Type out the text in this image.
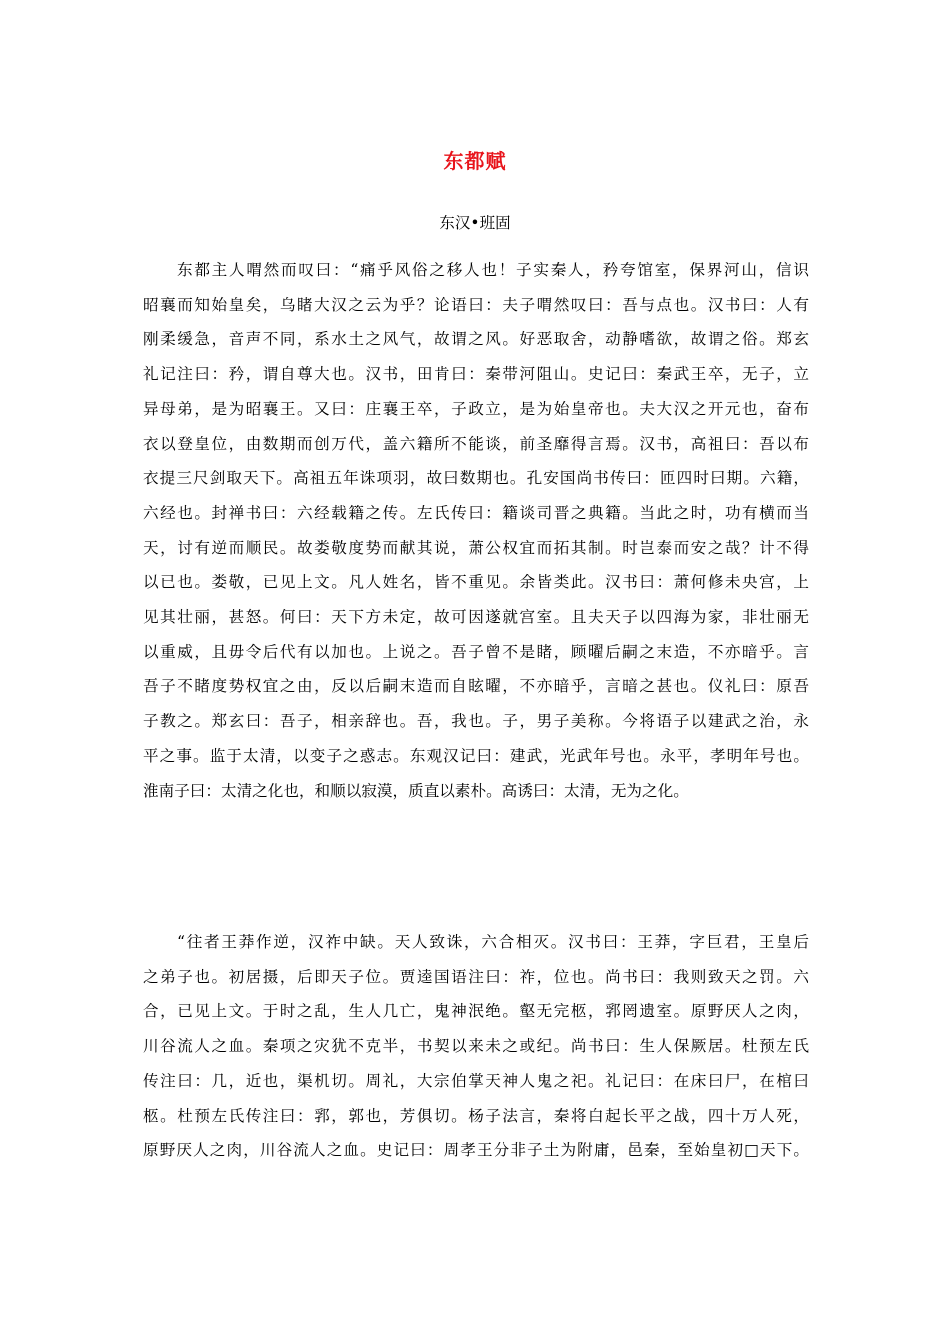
东都赋
东汉•班固
东都主人喟然而叹曰：“痛乎风俗之移人也！子实秦人，矜夸馆室，保界河山，信识
昭襄而知始皇矣，乌睹大汉之云为乎？论语曰：夫子喟然叹曰：吾与点也。汉书曰：人有
刚柔缓急，音声不同，系水土之风气，故谓之风。好恶取舍，动静嗜欲，故谓之俗。郑玄
礼记注曰：矜，谓自尊大也。汉书，田肯曰：秦带河阻山。史记曰：秦武王卒，无子，立
异母弟，是为昭襄王。又曰：庄襄王卒，子政立，是为始皇帝也。夫大汉之开元也，奋布
衣以登皇位，由数期而创万代，盖六籍所不能谈，前圣靡得言焉。汉书，高祖曰：吾以布
衣提三尺剑取天下。高祖五年诛项羽，故曰数期也。孔安国尚书传曰：匝四时曰期。六籍，
六经也。封禅书曰：六经载籍之传。左氏传曰：籍谈司晋之典籍。当此之时，功有横而当
天，讨有逆而顺民。故娄敬度势而献其说，萧公权宜而拓其制。时岂泰而安之哉？计不得
以已也。娄敬，已见上文。凡人姓名，皆不重见。余皆类此。汉书曰：萧何修未央宫，上
见其壮丽，甚怒。何曰：天下方未定，故可因遂就宫室。且夫天子以四海为家，非壮丽无
以重威，且毋令后代有以加也。上说之。吾子曾不是睹，顾曜后嗣之末造，不亦暗乎。言
吾子不睹度势权宜之由，反以后嗣末造而自眩曜，不亦暗乎，言暗之甚也。仪礼曰：原吾
子教之。郑玄曰：吾子，相亲辞也。吾，我也。子，男子美称。今将语子以建武之治，永
平之事。监于太清，以变子之惑志。东观汉记曰：建武，光武年号也。永平，孝明年号也。
淮南子曰：太清之化也，和顺以寂漠，质直以素朴。高诱曰：太清，无为之化。
“往者王莽作逆，汉祚中缺。天人致诛，六合相灭。汉书曰：王莽，字巨君，王皇后
之弟子也。初居摄，后即天子位。贾逵国语注曰：祚，位也。尚书曰：我则致天之罚。六
合，已见上文。于时之乱，生人几亡，鬼神泯绝。壑无完柩，郛罔遗室。原野厌人之肉，
川谷流人之血。秦项之灾犹不克半，书契以来未之或纪。尚书曰：生人保厥居。杜预左氏
传注曰：几，近也，渠机切。周礼，大宗伯掌天神人鬼之祀。礼记曰：在床曰尸，在棺曰
柩。杜预左氏传注曰：郛，郭也，芳俱切。杨子法言，秦将白起长平之战，四十万人死，
原野厌人之肉，川谷流人之血。史记曰：周孝王分非子土为附庸，邑秦，至始皇初□天下。
